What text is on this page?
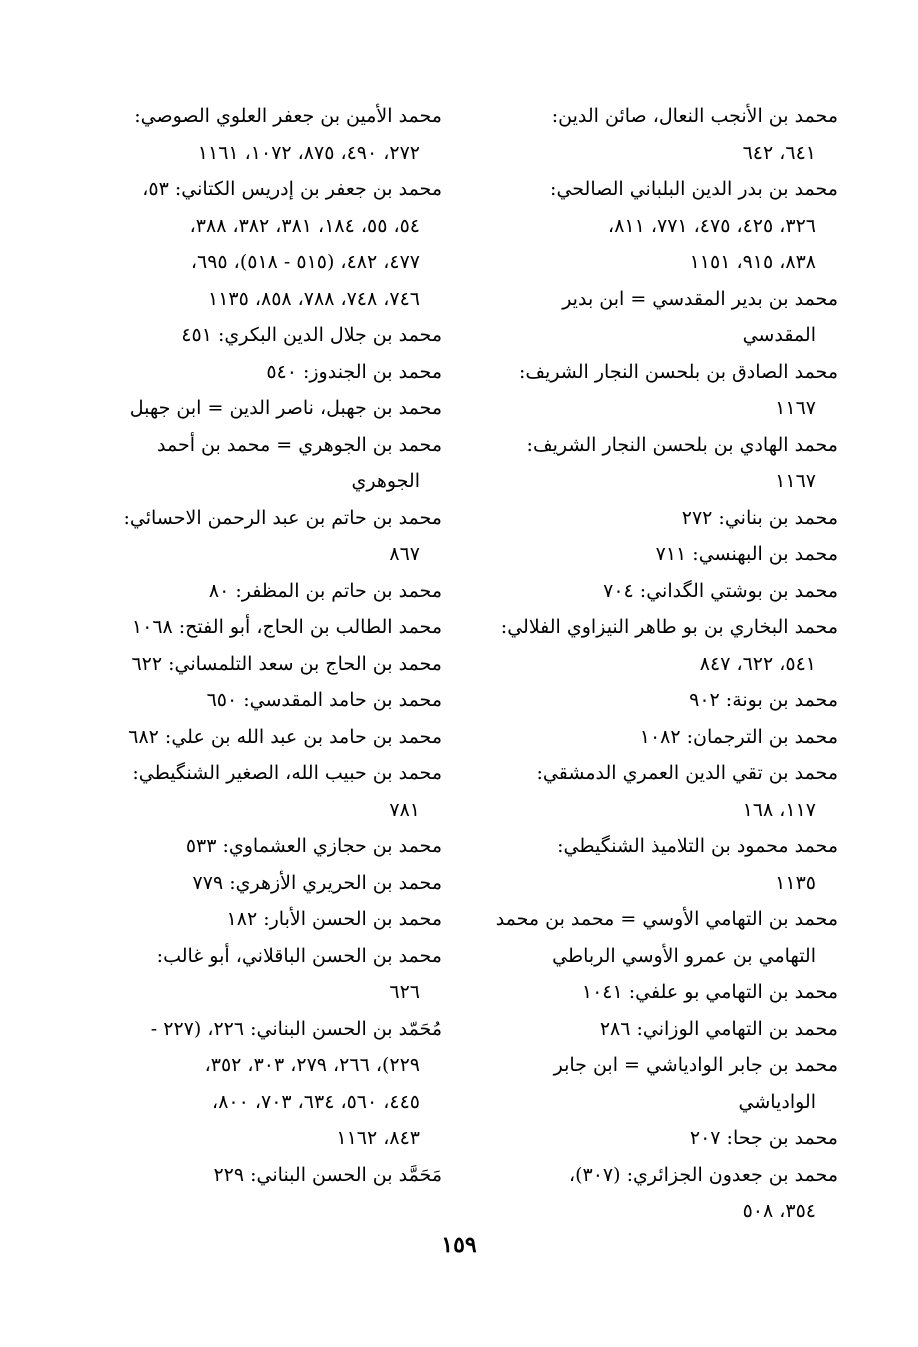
محمد بن الأنجب النعال، صائن الدين:
٦٤١، ٦٤٢
محمد بن بدر الدين البلباني الصالحي:
٣٢٦، ٤٢٥، ٤٧٥، ٧٧١، ٨١١،
٨٣٨، ٩١٥، ١١٥١
محمد بن بدير المقدسي = ابن بدير
المقدسي
محمد الصادق بن بلحسن النجار الشريف:
١١٦٧
محمد الهادي بن بلحسن النجار الشريف:
١١٦٧
محمد بن بناني: ٢٧٢
محمد بن البهنسي: ٧١١
محمد بن بوشتي الگداني: ٧٠٤
محمد البخاري بن بو طاهر النيزاوي الفلالي:
٥٤١، ٦٢٢، ٨٤٧
محمد بن بونة: ٩٠٢
محمد بن الترجمان: ١٠٨٢
محمد بن تقي الدين العمري الدمشقي:
١١٧، ١٦٨
محمد محمود بن التلاميذ الشنگيطي:
١١٣٥
محمد بن التهامي الأوسي = محمد بن محمد
التهامي بن عمرو الأوسي الرباطي
محمد بن التهامي بو علفي: ١٠٤١
محمد بن التهامي الوزاني: ٢٨٦
محمد بن جابر الوادياشي = ابن جابر
الوادياشي
محمد بن جحا: ٢٠٧
محمد بن جعدون الجزائري: (٣٠٧)،
٣٥٤، ٥٠٨
محمد الأمين بن جعفر العلوي الصوصي:
٢٧٢، ٤٩٠، ٨٧٥، ١٠٧٢، ١١٦١
محمد بن جعفر بن إدريس الكتاني: ٥٣،
٥٤، ٥٥، ١٨٤، ٣٨١، ٣٨٢، ٣٨٨،
٤٧٧، ٤٨٢، (٥١٥ - ٥١٨)، ٦٩٥،
٧٤٦، ٧٤٨، ٧٨٨، ٨٥٨، ١١٣٥
محمد بن جلال الدين البكري: ٤٥١
محمد بن الجندوز: ٥٤٠
محمد بن جهبل، ناصر الدين = ابن جهبل
محمد بن الجوهري = محمد بن أحمد
الجوهري
محمد بن حاتم بن عبد الرحمن الاحسائي:
٨٦٧
محمد بن حاتم بن المظفر: ٨٠
محمد الطالب بن الحاج، أبو الفتح: ١٠٦٨
محمد بن الحاج بن سعد التلمساني: ٦٢٢
محمد بن حامد المقدسي: ٦٥٠
محمد بن حامد بن عبد الله بن علي: ٦٨٢
محمد بن حبيب الله، الصغير الشنگيطي:
٧٨١
محمد بن حجازي العشماوي: ٥٣٣
محمد بن الحريري الأزهري: ٧٧٩
محمد بن الحسن الأبار: ١٨٢
محمد بن الحسن الباقلاني، أبو غالب:
٦٢٦
مُحَمّد بن الحسن البناني: ٢٢٦، (٢٢٧ -
٢٢٩)، ٢٦٦، ٢٧٩، ٣٠٣، ٣٥٢،
٤٤٥، ٥٦٠، ٦٣٤، ٧٠٣، ٨٠٠،
٨٤٣، ١١٦٢
مَحَمَّد بن الحسن البناني: ٢٢٩
١٥٩
